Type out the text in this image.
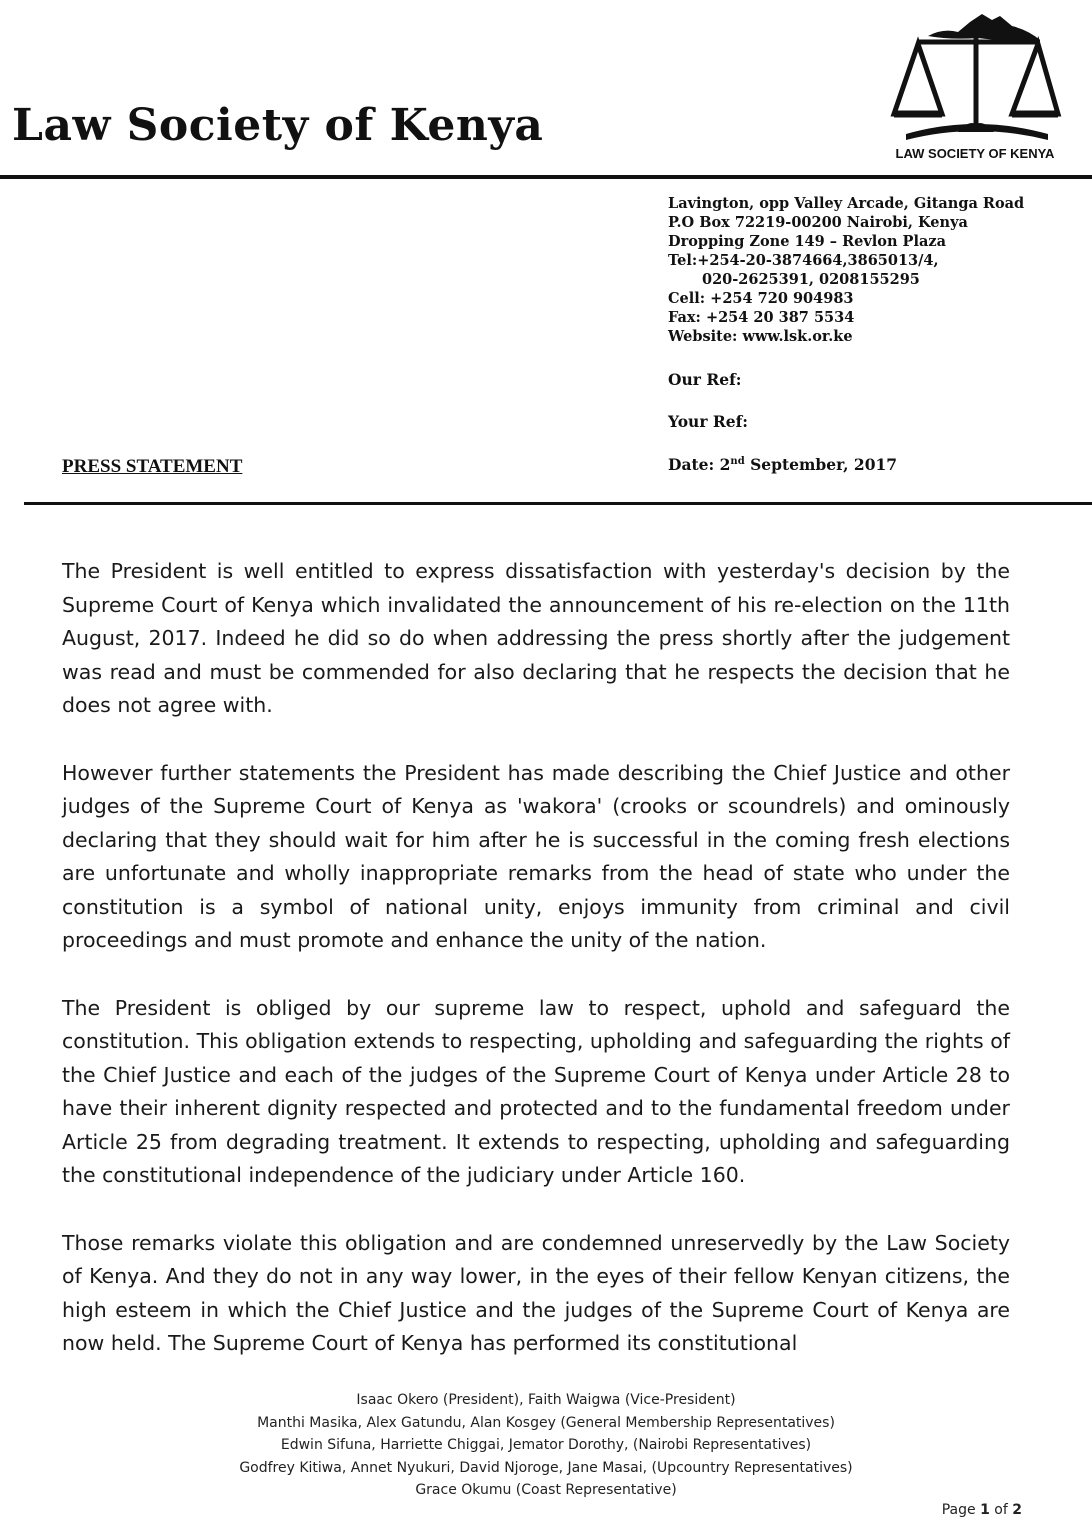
Law Society of Kenya
LAW SOCIETY OF KENYA
Lavington, opp Valley Arcade, Gitanga Road
P.O Box 72219-00200 Nairobi, Kenya
Dropping Zone 149 – Revlon Plaza
Tel:+254-20-3874664,3865013/4,
020-2625391, 0208155295
Cell: +254 720 904983
Fax: +254 20 387 5534
Website: www.lsk.or.ke
Our Ref:
Your Ref:
Date: 2nd September, 2017
PRESS STATEMENT

The President is well entitled to express dissatisfaction with yesterday's decision by the Supreme Court of Kenya which invalidated the announcement of his re-election on the 11th August, 2017. Indeed he did so do when addressing the press shortly after the judgement was read and must be commended for also declaring that he respects the decision that he does not agree with.

However further statements the President has made describing the Chief Justice and other judges of the Supreme Court of Kenya as 'wakora' (crooks or scoundrels) and ominously declaring that they should wait for him after he is successful in the coming fresh elections are unfortunate and wholly inappropriate remarks from the head of state who under the constitution is a symbol of national unity, enjoys immunity from criminal and civil proceedings and must promote and enhance the unity of the nation.

The President is obliged by our supreme law to respect, uphold and safeguard the constitution. This obligation extends to respecting, upholding and safeguarding the rights of the Chief Justice and each of the judges of the Supreme Court of Kenya under Article 28 to have their inherent dignity respected and protected and to the fundamental freedom under Article 25 from degrading treatment. It extends to respecting, upholding and safeguarding the constitutional independence of the judiciary under Article 160.

Those remarks violate this obligation and are condemned unreservedly by the Law Society of Kenya. And they do not in any way lower, in the eyes of their fellow Kenyan citizens, the high esteem in which the Chief Justice and the judges of the Supreme Court of Kenya are now held. The Supreme Court of Kenya has performed its constitutional

Isaac Okero (President), Faith Waigwa (Vice-President)
Manthi Masika, Alex Gatundu, Alan Kosgey (General Membership Representatives)
Edwin Sifuna, Harriette Chiggai, Jemator Dorothy, (Nairobi Representatives)
Godfrey Kitiwa, Annet Nyukuri, David Njoroge, Jane Masai, (Upcountry Representatives)
Grace Okumu (Coast Representative)
Page 1 of 2
